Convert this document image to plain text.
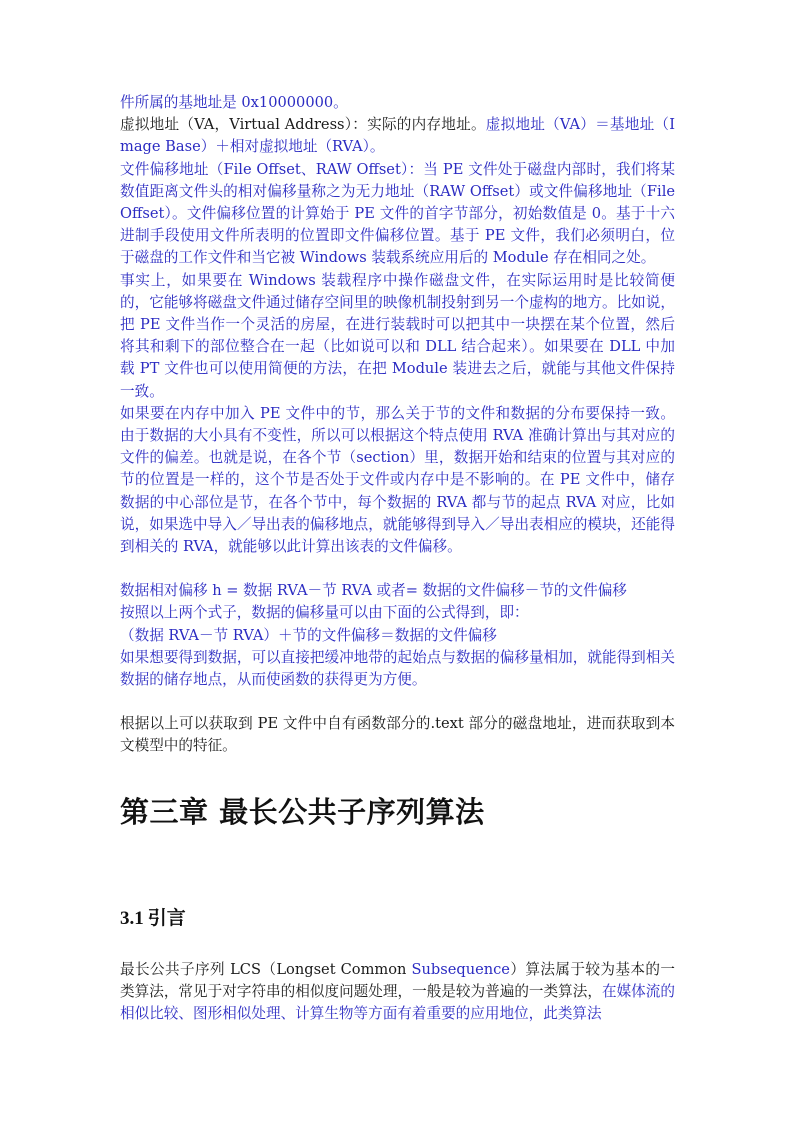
件所属的基地址是 0x10000000。

虚拟地址（VA，Virtual Address）：实际的内存地址。虚拟地址（VA）＝基地址（Image Base）＋相对虚拟地址（RVA）。

文件偏移地址（File Offset、RAW Offset）：当 PE 文件处于磁盘内部时，我们将某数值距离文件头的相对偏移量称之为无力地址（RAW Offset）或文件偏移地址（FileOffset）。文件偏移位置的计算始于 PE 文件的首字节部分，初始数值是 0。基于十六进制手段使用文件所表明的位置即文件偏移位置。基于 PE 文件，我们必须明白，位于磁盘的工作文件和当它被 Windows 装载系统应用后的 Module 存在相同之处。

事实上，如果要在 Windows 装载程序中操作磁盘文件，在实际运用时是比较简便的，它能够将磁盘文件通过储存空间里的映像机制投射到另一个虚构的地方。比如说，把 PE 文件当作一个灵活的房屋，在进行装载时可以把其中一块摆在某个位置，然后将其和剩下的部位整合在一起（比如说可以和 DLL 结合起来）。如果要在 DLL 中加载 PT 文件也可以使用简便的方法，在把 Module 装进去之后，就能与其他文件保持一致。

如果要在内存中加入 PE 文件中的节，那么关于节的文件和数据的分布要保持一致。由于数据的大小具有不变性，所以可以根据这个特点使用 RVA 准确计算出与其对应的文件的偏差。也就是说，在各个节（section）里，数据开始和结束的位置与其对应的节的位置是一样的，这个节是否处于文件或内存中是不影响的。在 PE 文件中，储存数据的中心部位是节，在各个节中，每个数据的 RVA 都与节的起点 RVA 对应，比如说，如果选中导入／导出表的偏移地点，就能够得到导入／导出表相应的模块，还能得到相关的 RVA，就能够以此计算出该表的文件偏移。

数据相对偏移 h = 数据 RVA－节 RVA 或者= 数据的文件偏移－节的文件偏移

按照以上两个式子，数据的偏移量可以由下面的公式得到，即：

（数据 RVA－节 RVA）＋节的文件偏移＝数据的文件偏移

如果想要得到数据，可以直接把缓冲地带的起始点与数据的偏移量相加，就能得到相关数据的储存地点，从而使函数的获得更为方便。

根据以上可以获取到 PE 文件中自有函数部分的.text 部分的磁盘地址，进而获取到本文模型中的特征。

第三章 最长公共子序列算法
3.1 引言

最长公共子序列 LCS（Longset Common Subsequence）算法属于较为基本的一类算法，常见于对字符串的相似度问题处理，一般是较为普遍的一类算法，在媒体流的相似比较、图形相似处理、计算生物等方面有着重要的应用地位，此类算法
